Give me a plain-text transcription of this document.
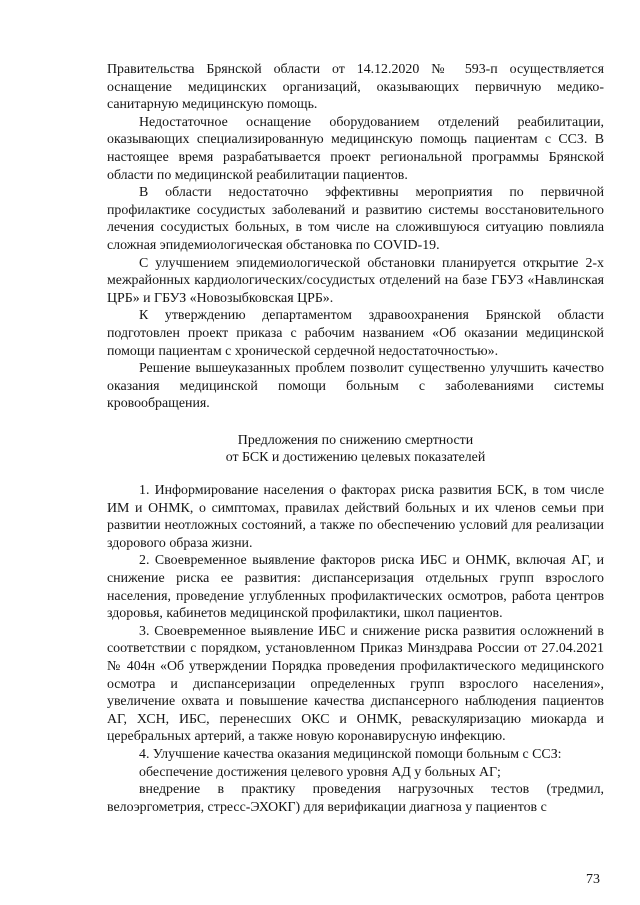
Правительства Брянской области от 14.12.2020 № 593-п осуществляется оснащение медицинских организаций, оказывающих первичную медико-санитарную медицинскую помощь.

Недостаточное оснащение оборудованием отделений реабилитации, оказывающих специализированную медицинскую помощь пациентам с ССЗ. В настоящее время разрабатывается проект региональной программы Брянской области по медицинской реабилитации пациентов.

В области недостаточно эффективны мероприятия по первичной профилактике сосудистых заболеваний и развитию системы восстановительного лечения сосудистых больных, в том числе на сложившуюся ситуацию повлияла сложная эпидемиологическая обстановка по COVID-19.

С улучшением эпидемиологической обстановки планируется открытие 2-х межрайонных кардиологических/сосудистых отделений на базе ГБУЗ «Навлинская ЦРБ» и ГБУЗ «Новозыбковская ЦРБ».

К утверждению департаментом здравоохранения Брянской области подготовлен проект приказа с рабочим названием «Об оказании медицинской помощи пациентам с хронической сердечной недостаточностью».

Решение вышеуказанных проблем позволит существенно улучшить качество оказания медицинской помощи больным с заболеваниями системы кровообращения.

Предложения по снижению смертности
от БСК и достижению целевых показателей

1. Информирование населения о факторах риска развития БСК, в том числе ИМ и ОНМК, о симптомах, правилах действий больных и их членов семьи при развитии неотложных состояний, а также по обеспечению условий для реализации здорового образа жизни.

2. Своевременное выявление факторов риска ИБС и ОНМК, включая АГ, и снижение риска ее развития: диспансеризация отдельных групп взрослого населения, проведение углубленных профилактических осмотров, работа центров здоровья, кабинетов медицинской профилактики, школ пациентов.

3. Своевременное выявление ИБС и снижение риска развития осложнений в соответствии с порядком, установленном Приказ Минздрава России от 27.04.2021 № 404н «Об утверждении Порядка проведения профилактического медицинского осмотра и диспансеризации определенных групп взрослого населения», увеличение охвата и повышение качества диспансерного наблюдения пациентов АГ, ХСН, ИБС, перенесших ОКС и ОНМК, реваскуляризацию миокарда и церебральных артерий, а также новую коронавирусную инфекцию.

4. Улучшение качества оказания медицинской помощи больным с ССЗ:

обеспечение достижения целевого уровня АД у больных АГ;

внедрение в практику проведения нагрузочных тестов (тредмил, велоэргометрия, стресс-ЭХОКГ) для верификации диагноза у пациентов с

73
